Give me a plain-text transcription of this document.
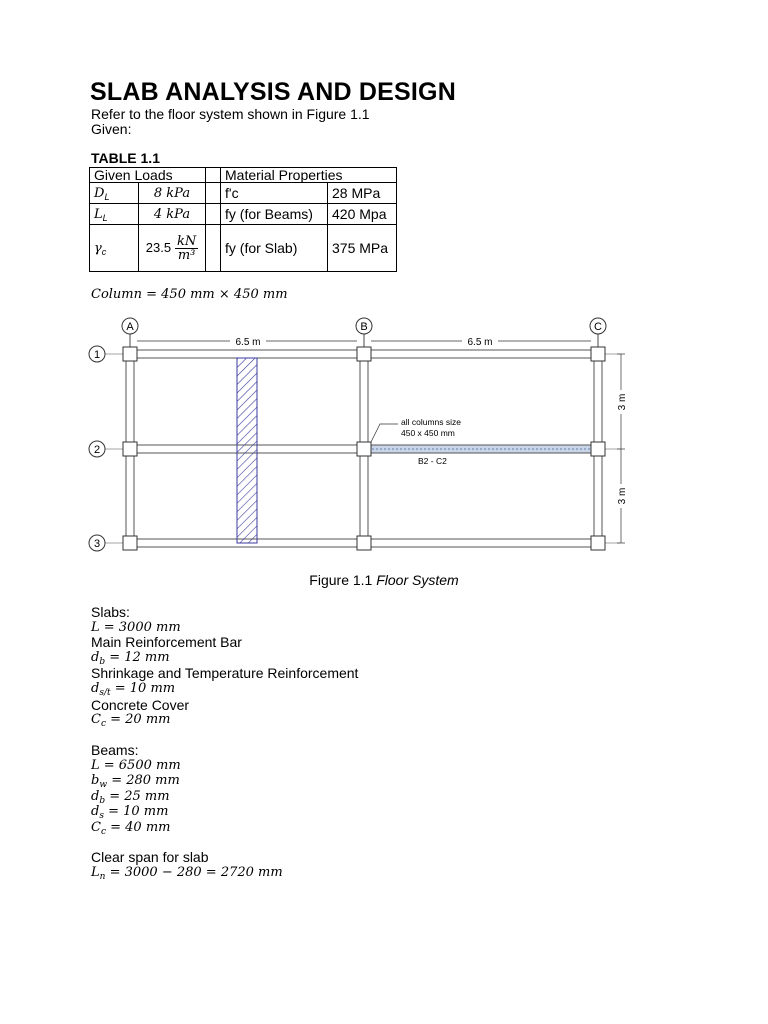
SLAB ANALYSIS AND DESIGN
Refer to the floor system shown in Figure 1.1
Given:
TABLE 1.1
Given Loads			Material Properties	
$D_L$	8 kPa		f'c	28 MPa
$L_L$	4 kPa		fy (for Beams)	420 Mpa
$\gamma_c$	$23.5 \frac{kN}{\text{m³}}$		fy (for Slab)	375 MPa
Column = 450 mm × 450 mm
A	B	C
1
2
3
6.5 m	6.5 m
3 m
3 m
all columns size
450 x 450 mm
B2 - C2
Figure 1.1 Floor System
Slabs:
L = 3000 mm
Main Reinforcement Bar
$d_b = 12$ mm
Shrinkage and Temperature Reinforcement
$d_{s/t} = 10$ mm
Concrete Cover
$C_c = 20$ mm
Beams:
L = 6500 mm
$b_w = 280$ mm
$d_b = 25$ mm
$d_s = 10$ mm
$C_c = 40$ mm
Clear span for slab
$L_n = 3000 - 280 = 2720$ mm
